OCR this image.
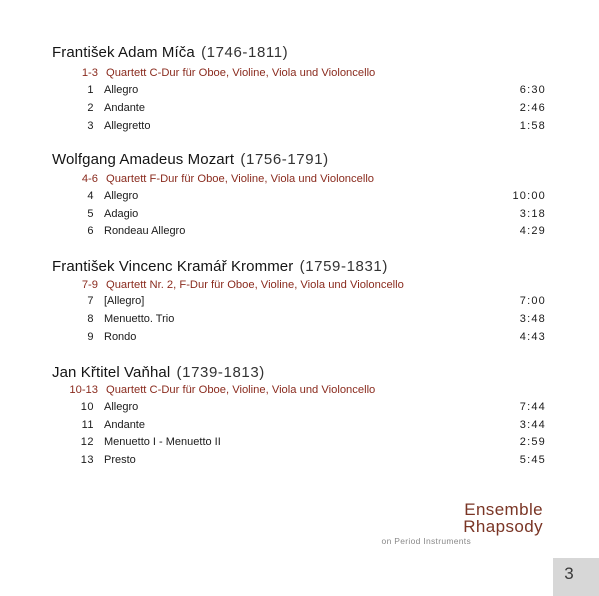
František Adam Míča (1746-1811)
1-3 Quartett C-Dur für Oboe, Violine, Viola und Violoncello
1 Allegro	6:30
2 Andante	2:46
3 Allegretto	1:58
Wolfgang Amadeus Mozart (1756-1791)
4-6 Quartett F-Dur für Oboe, Violine, Viola und Violoncello
4 Allegro	10:00
5 Adagio	3:18
6 Rondeau Allegro	4:29
František Vincenc Kramář Krommer (1759-1831)
7-9 Quartett Nr. 2, F-Dur für Oboe, Violine, Viola und Violoncello
7 [Allegro]	7:00
8 Menuetto. Trio	3:48
9 Rondo	4:43
Jan Křtitel Vaňhal (1739-1813)
10-13 Quartett C-Dur für Oboe, Violine, Viola und Violoncello
10 Allegro	7:44
11 Andante	3:44
12 Menuetto I - Menuetto II	2:59
13 Presto	5:45
Ensemble
Rhapsody
on Period Instruments
3
